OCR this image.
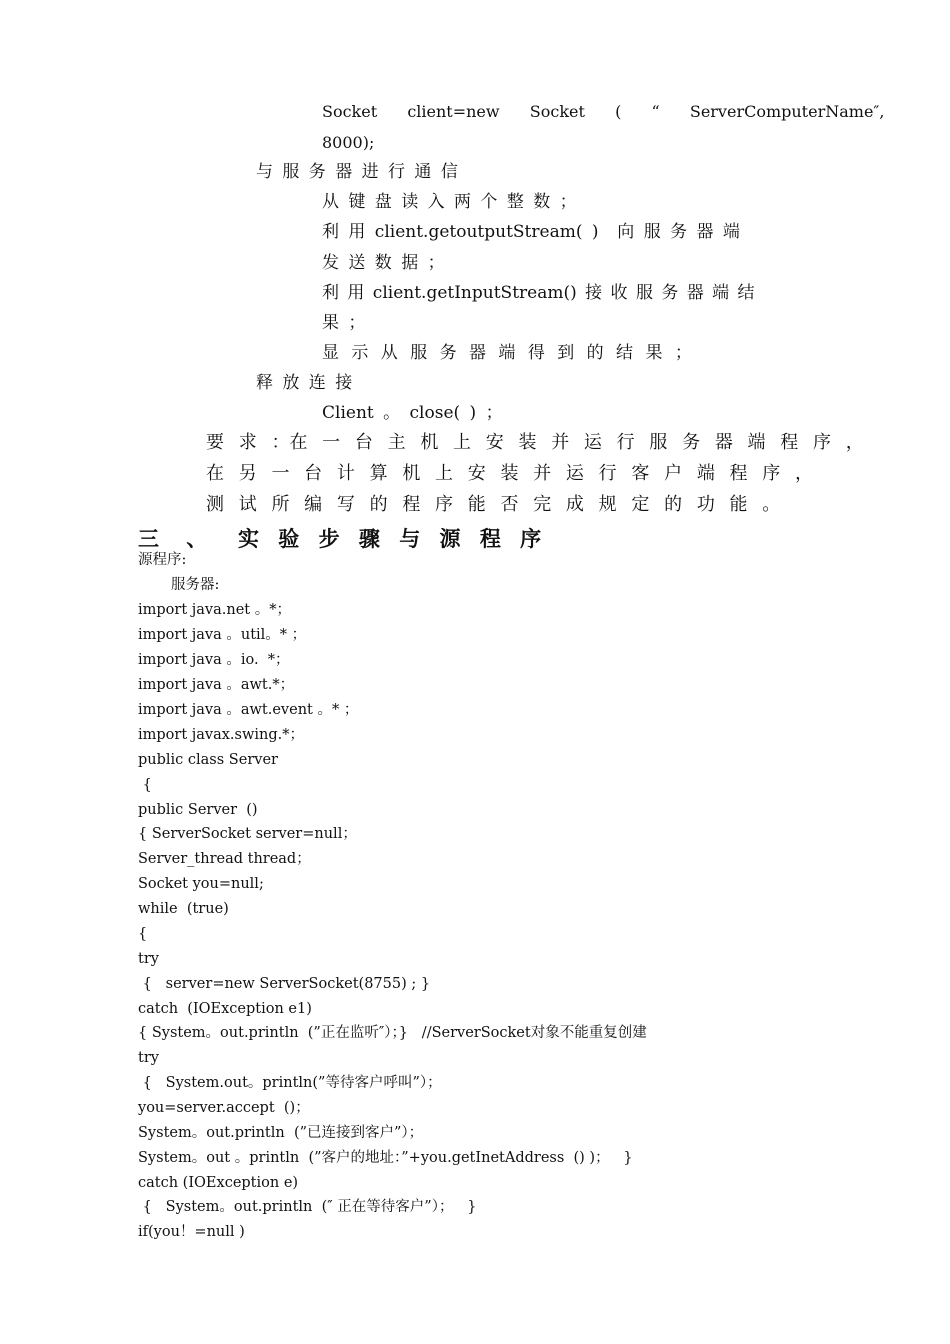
Socket  client=new  Socket  (  “  ServerComputerName″,
8000);
与 服 务 器 进 行 通 信
从 键 盘 读 入 两 个 整 数 ；
利 用 client.getoutputStream( )  向 服 务 器 端
发 送 数 据 ；
利 用 client.getInputStream() 接 收 服 务 器 端 结
果 ；
显 示 从 服 务 器 端 得 到 的 结 果 ；
释 放 连 接
Client 。 close( ) ；
要 求 ：在 一 台 主 机 上 安 装 并 运 行 服 务 器 端 程 序 ，
在 另 一 台 计 算 机 上 安 装 并 运 行 客 户 端 程 序 ，
测 试 所 编 写 的 程 序 能 否 完 成 规 定 的 功 能 。
三 、 实 验 步 骤 与 源 程 序
源程序:
服务器:
import java.net 。*；
import java 。util。* ；
import java 。io.  *；
import java 。awt.*；
import java 。awt.event 。* ；
import javax.swing.*；
public class Server
{
public Server  ()
{ ServerSocket server=null；
Server_thread thread；
Socket you=null;
while  (true)
{
try
{   server=new ServerSocket(8755) ; }
catch  (IOException e1)
{ System。out.println  (”正在监听″）；}   //ServerSocket对象不能重复创建
try
{   System.out。println(”等待客户呼叫”）；
you=server.accept  ()；
System。out.println  (”已连接到客户”）；
System。out 。println  (”客户的地址：”+you.getInetAddress  () )；   }
catch (IOException e)
{   System。out.println  (″ 正在等待客户”）；   }
if(you！=null )
